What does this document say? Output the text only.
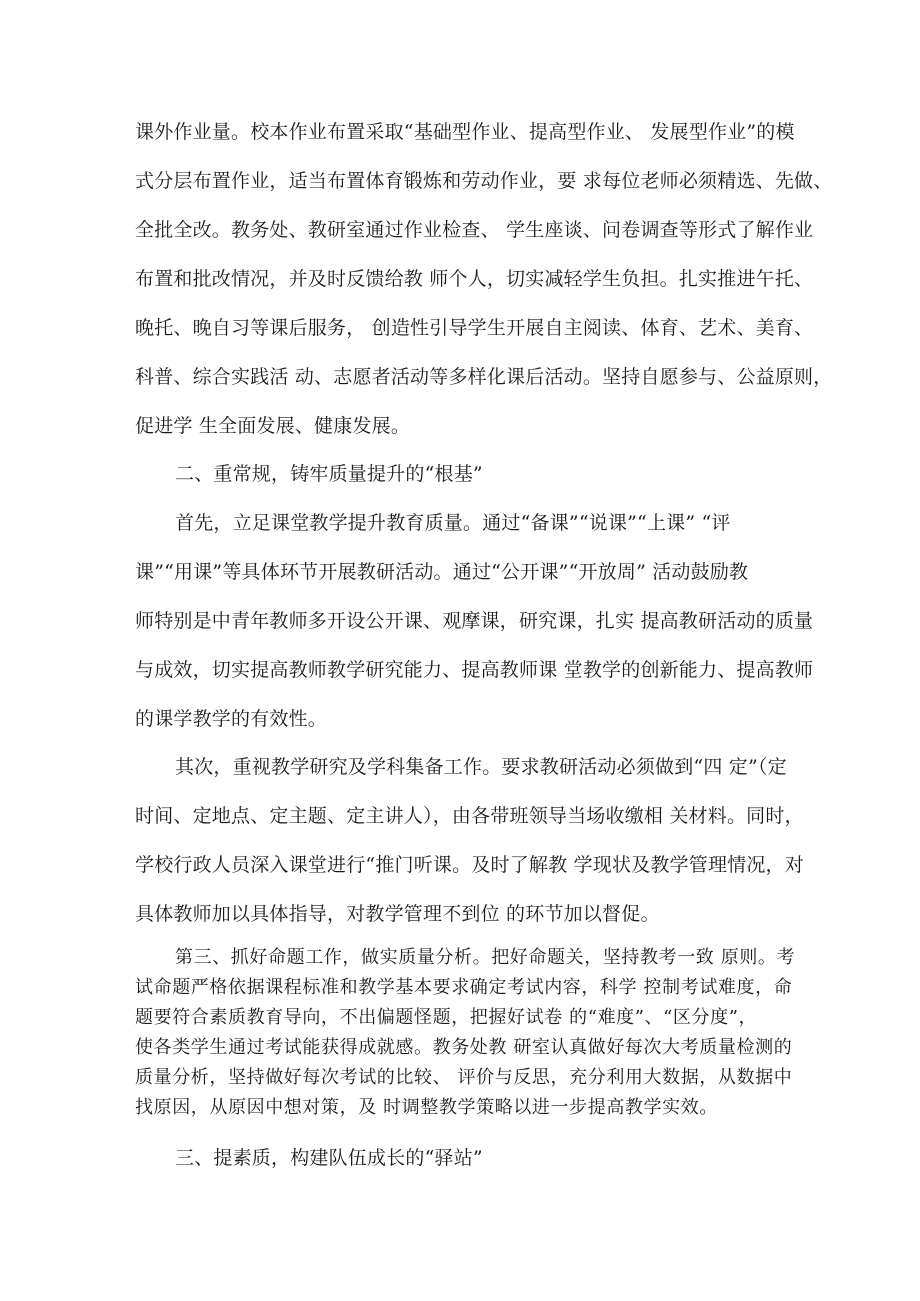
课外作业量。校本作业布置采取“基础型作业、提高型作业、 发展型作业”的模
式分层布置作业，适当布置体育锻炼和劳动作业，要 求每位老师必须精选、先做、
全批全改。教务处、教研室通过作业检查、 学生座谈、问卷调查等形式了解作业
布置和批改情况，并及时反馈给教 师个人，切实减轻学生负担。扎实推进午托、
晚托、晚自习等课后服务， 创造性引导学生开展自主阅读、体育、艺术、美育、
科普、综合实践活 动、志愿者活动等多样化课后活动。坚持自愿参与、公益原则，
促进学 生全面发展、健康发展。
二、重常规，铸牢质量提升的“根基”
首先，立足课堂教学提升教育质量。通过“备课”“说课”“上课” “评
课”“用课”等具体环节开展教研活动。通过“公开课”“开放周” 活动鼓励教
师特别是中青年教师多开设公开课、观摩课，研究课，扎实 提高教研活动的质量
与成效，切实提高教师教学研究能力、提高教师课 堂教学的创新能力、提高教师
的课学教学的有效性。
其次，重视教学研究及学科集备工作。要求教研活动必须做到“四 定”（定
时间、定地点、定主题、定主讲人），由各带班领导当场收缴相 关材料。同时，
学校行政人员深入课堂进行“推门听课。及时了解教 学现状及教学管理情况，对
具体教师加以具体指导，对教学管理不到位 的环节加以督促。
第三、抓好命题工作，做实质量分析。把好命题关，坚持教考一致 原则。考
试命题严格依据课程标准和教学基本要求确定考试内容，科学 控制考试难度，命
题要符合素质教育导向，不出偏题怪题，把握好试卷 的“难度”、“区分度”，
使各类学生通过考试能获得成就感。教务处教 研室认真做好每次大考质量检测的
质量分析，坚持做好每次考试的比较、 评价与反思，充分利用大数据，从数据中
找原因，从原因中想对策，及 时调整教学策略以进一步提高教学实效。
三、提素质，构建队伍成长的“驿站”
